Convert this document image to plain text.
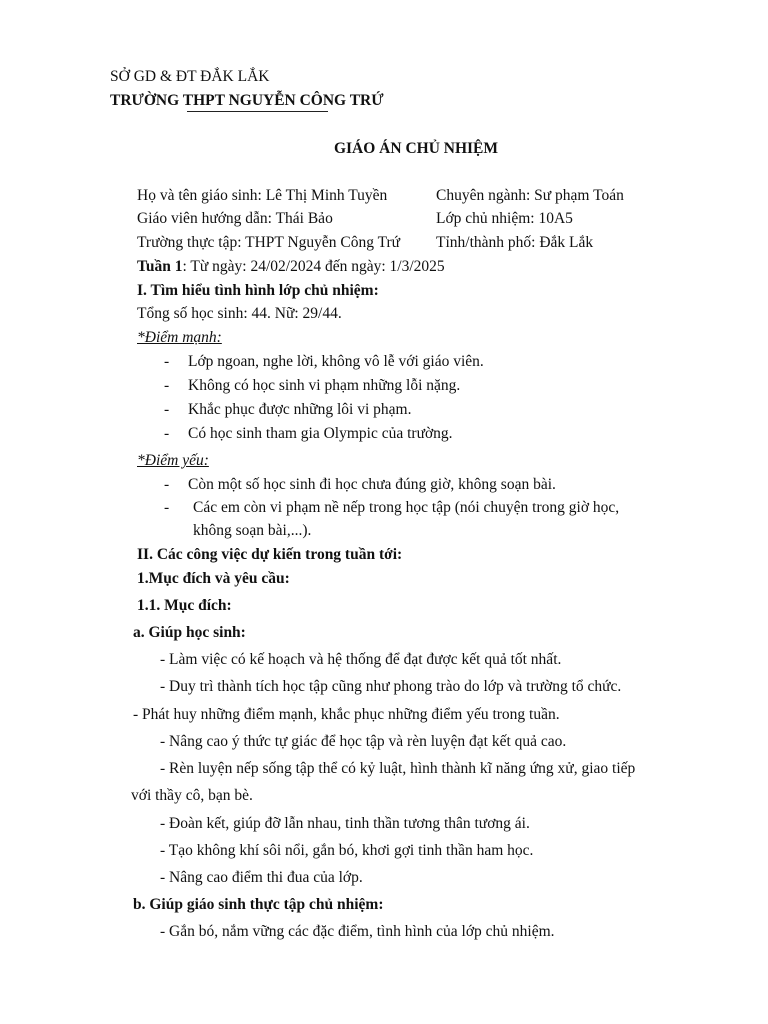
SỞ GD & ĐT ĐẮK LẮK
TRƯỜNG THPT NGUYỄN CÔNG TRỨ
GIÁO ÁN CHỦ NHIỆM
Họ và tên giáo sinh: Lê Thị Minh Tuyền	Chuyên ngành: Sư phạm Toán
Giáo viên hướng dẫn: Thái Bảo	Lớp chủ nhiệm: 10A5
Trường thực tập: THPT Nguyễn Công Trứ Tỉnh/thành phố: Đắk Lắk
Tuần 1: Từ ngày: 24/02/2024 đến ngày: 1/3/2025
I. Tìm hiểu tình hình lớp chủ nhiệm:
Tổng số học sinh: 44. Nữ: 29/44.
*Điểm mạnh:
- Lớp ngoan, nghe lời, không vô lễ với giáo viên.
- Không có học sinh vi phạm những lỗi nặng.
- Khắc phục được những lôi vi phạm.
- Có học sinh tham gia Olympic của trường.
*Điểm yếu:
- Còn một số học sinh đi học chưa đúng giờ, không soạn bài.
- Các em còn vi phạm nề nếp trong học tập (nói chuyện trong giờ học,
không soạn bài,...).
II. Các công việc dự kiến trong tuần tới:
1.Mục đích và yêu cầu:
1.1. Mục đích:
a. Giúp học sinh:
- Làm việc có kế hoạch và hệ thống để đạt được kết quả tốt nhất.
- Duy trì thành tích học tập cũng như phong trào do lớp và trường tổ chức.
- Phát huy những điểm mạnh, khắc phục những điểm yếu trong tuần.
- Nâng cao ý thức tự giác để học tập và rèn luyện đạt kết quả cao.
- Rèn luyện nếp sống tập thể có kỷ luật, hình thành kĩ năng ứng xử, giao tiếp
với thầy cô, bạn bè.
- Đoàn kết, giúp đỡ lẫn nhau, tinh thần tương thân tương ái.
- Tạo không khí sôi nổi, gắn bó, khơi gợi tinh thần ham học.
- Nâng cao điểm thi đua của lớp.
b. Giúp giáo sinh thực tập chủ nhiệm:
- Gắn bó, nắm vững các đặc điểm, tình hình của lớp chủ nhiệm.
